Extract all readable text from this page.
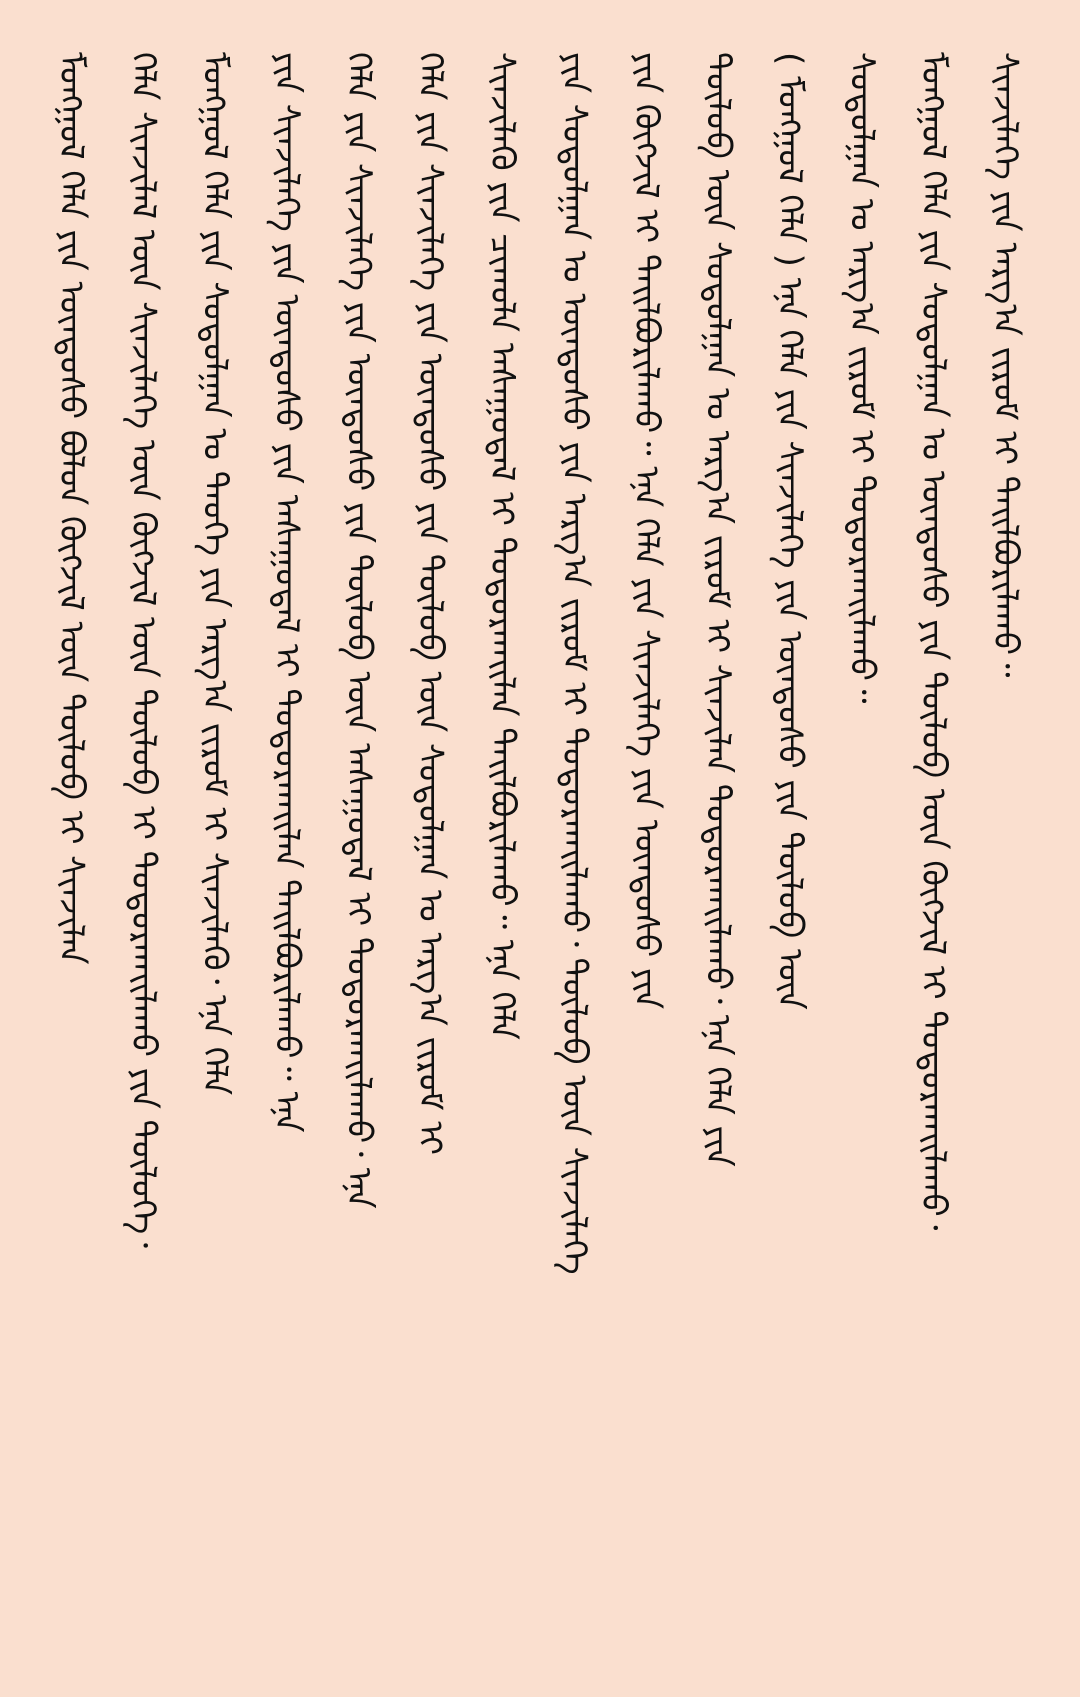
ᠮᠣᠩᠭᠣᠯ ᠬᠡᠯᠡ ᠶᠢᠨ ᠦᠨᠳᠦᠰᠦ ᠪᠣᠯᠤᠨ ᠬᠥᠭᠵᠢᠯ ᠦᠨ ᠲᠥᠯᠥᠪ ᠢ ᠰᠢᠨᠵᠢᠯᠡᠨ ᠬᠡᠯᠡ ᠰᠢᠨᠵᠢᠯᠡᠯ ᠦᠨ ᠰᠢᠨᠵᠢᠯᠡᠭᠡ ᠦᠨ ᠬᠥᠭᠵᠢᠯ ᠦᠨ ᠲᠥᠯᠥᠪ ᠢ ᠲᠣᠳᠤᠷᠬᠠᠢᠯᠠᠬᠤ ᠶᠢᠨ ᠲᠥᠯᠥᠭᠡ᠂ ᠮᠣᠩᠭᠣᠯ ᠬᠡᠯᠡ ᠶᠢᠨ ᠰᠤᠳᠤᠯᠭᠠᠨ ᠤ ᠲᠡᠦᠬᠡ ᠶᠢᠨ ᠠᠷᠭ᠎ᠠ ᠵᠢᠷᠤᠮ ᠢ ᠰᠢᠨᠵᠢᠯᠡᠬᠦ᠂ ᠡᠨᠡ ᠬᠡᠯᠡ ᠶᠢᠨ ᠰᠢᠨᠵᠢᠯᠡᠭᠡ ᠶᠢᠨ ᠦᠨᠳᠦᠰᠦ ᠶᠢᠨ ᠠᠰᠠᠭᠤᠳᠠᠯ ᠢ ᠲᠣᠳᠤᠷᠬᠠᠢᠯᠠᠨ ᠲᠠᠢᠯᠪᠤᠷᠢᠯᠠᠬᠤ᠃ ᠡᠨᠡ ᠬᠡᠯᠡ ᠶᠢᠨ ᠰᠢᠨᠵᠢᠯᠡᠭᠡ ᠶᠢᠨ ᠦᠨᠳᠦᠰᠦ ᠶᠢᠨ ᠲᠥᠯᠥᠪ ᠦᠨ ᠠᠰᠠᠭᠤᠳᠠᠯ ᠢ ᠲᠣᠳᠤᠷᠬᠠᠢᠯᠠᠬᠤ᠂ ᠡᠨᠡ ᠬᠡᠯᠡ ᠶᠢᠨ ᠰᠢᠨᠵᠢᠯᠡᠭᠡ ᠶᠢᠨ ᠦᠨᠳᠦᠰᠦ ᠶᠢᠨ ᠲᠥᠯᠥᠪ ᠦᠨ ᠰᠤᠳᠤᠯᠭᠠᠨ ᠤ ᠠᠷᠭ᠎ᠠ ᠵᠢᠷᠤᠮ ᠢ ᠰᠢᠨᠵᠢᠯᠡᠬᠦ ᠶᠢᠨ ᠴᠢᠬᠤᠯᠠ ᠠᠰᠠᠭᠤᠳᠠᠯ ᠢ ᠲᠣᠳᠤᠷᠬᠠᠢᠯᠠᠨ ᠲᠠᠢᠯᠪᠤᠷᠢᠯᠠᠬᠤ᠃ ᠡᠨᠡ ᠬᠡᠯᠡ ᠶᠢᠨ ᠰᠤᠳᠤᠯᠭᠠᠨ ᠤ ᠦᠨᠳᠦᠰᠦ ᠶᠢᠨ ᠠᠷᠭ᠎ᠠ ᠵᠢᠷᠤᠮ ᠢ ᠲᠣᠳᠤᠷᠬᠠᠢᠯᠠᠬᠤ᠂ ᠲᠥᠯᠥᠪ ᠦᠨ ᠰᠢᠨᠵᠢᠯᠡᠭᠡ ᠶᠢᠨ ᠬᠥᠭᠵᠢᠯ ᠢ ᠲᠠᠢᠯᠪᠤᠷᠢᠯᠠᠬᠤ᠃ ᠡᠨᠡ ᠬᠡᠯᠡ ᠶᠢᠨ ᠰᠢᠨᠵᠢᠯᠡᠭᠡ ᠶᠢᠨ ᠦᠨᠳᠦᠰᠦ ᠶᠢᠨ ᠲᠥᠯᠥᠪ ᠦᠨ ᠰᠤᠳᠤᠯᠭᠠᠨ ᠤ ᠠᠷᠭ᠎ᠠ ᠵᠢᠷᠤᠮ ᠢ ᠰᠢᠨᠵᠢᠯᠡᠨ ᠲᠣᠳᠤᠷᠬᠠᠢᠯᠠᠬᠤ᠂ ᠡᠨᠡ ᠬᠡᠯᠡ ᠶᠢᠨ ( ᠮᠣᠩᠭᠣᠯ ᠬᠡᠯᠡ ) ᠡᠨᠡ ᠬᠡᠯᠡ ᠶᠢᠨ ᠰᠢᠨᠵᠢᠯᠡᠭᠡ ᠶᠢᠨ ᠦᠨᠳᠦᠰᠦ ᠶᠢᠨ ᠲᠥᠯᠥᠪ ᠦᠨ ᠰᠤᠳᠤᠯᠭᠠᠨ ᠤ ᠠᠷᠭ᠎ᠠ ᠵᠢᠷᠤᠮ ᠢ ᠲᠣᠳᠤᠷᠬᠠᠢᠯᠠᠬᠤ᠃ ᠮᠣᠩᠭᠣᠯ ᠬᠡᠯᠡ ᠶᠢᠨ ᠰᠤᠳᠤᠯᠭᠠᠨ ᠤ ᠦᠨᠳᠦᠰᠦ ᠶᠢᠨ ᠲᠥᠯᠥᠪ ᠦᠨ ᠬᠥᠭᠵᠢᠯ ᠢ ᠲᠣᠳᠤᠷᠬᠠᠢᠯᠠᠬᠤ᠂ ᠰᠢᠨᠵᠢᠯᠡᠭᠡ ᠶᠢᠨ ᠠᠷᠭ᠎ᠠ ᠵᠢᠷᠤᠮ ᠢ ᠲᠠᠢᠯᠪᠤᠷᠢᠯᠠᠬᠤ᠃
